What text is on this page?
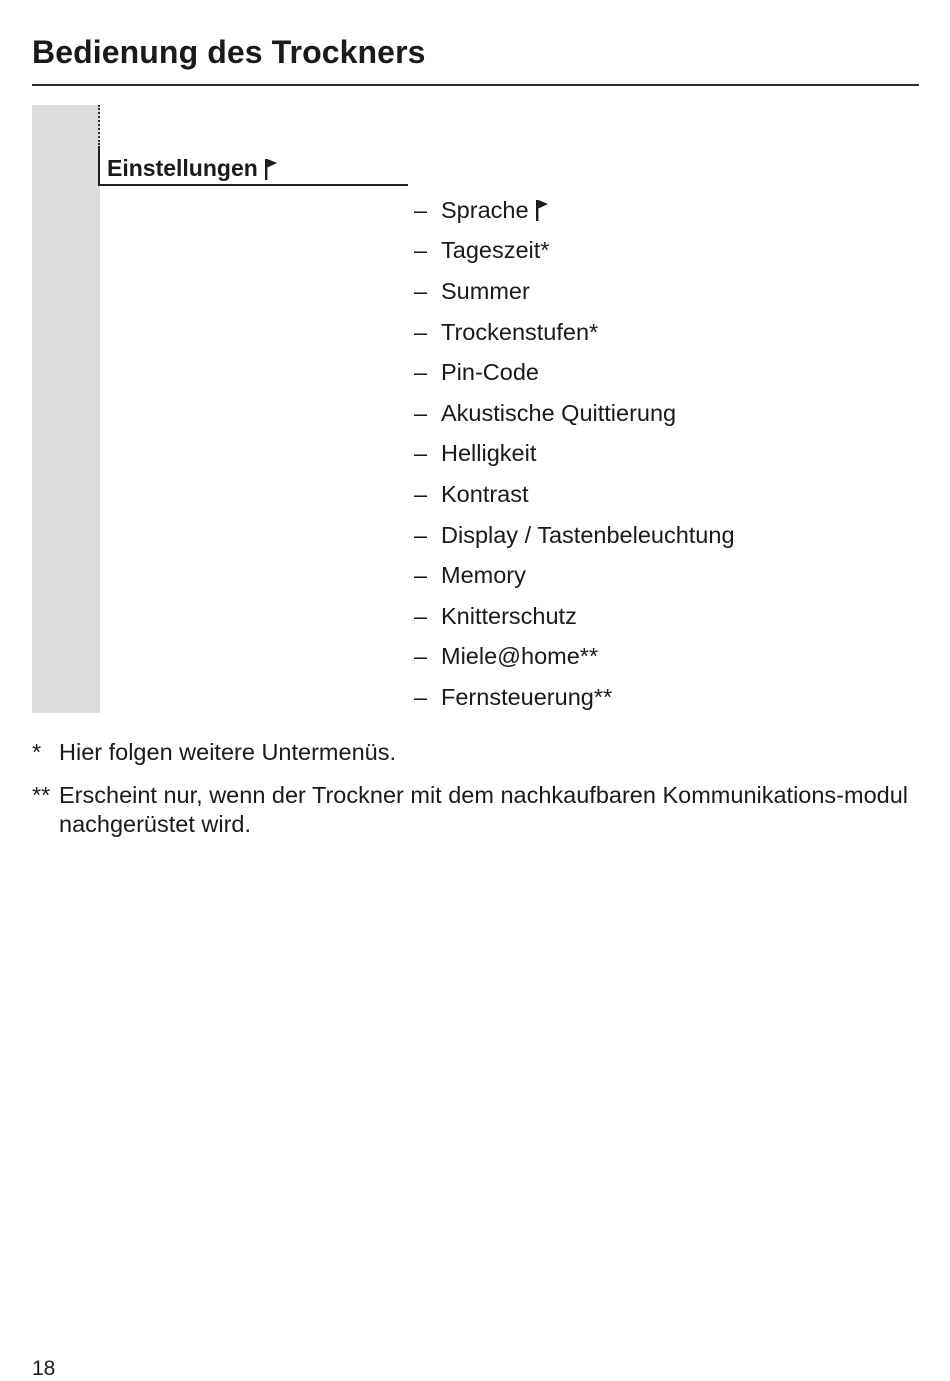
Bedienung des Trockners
Einstellungen
– Sprache
– Tageszeit*
– Summer
– Trockenstufen*
– Pin-Code
– Akustische Quittierung
– Helligkeit
– Kontrast
– Display / Tastenbeleuchtung
– Memory
– Knitterschutz
– Miele@home**
– Fernsteuerung**
* Hier folgen weitere Untermenüs.
** Erscheint nur, wenn der Trockner mit dem nachkaufbaren Kommunikations-modul nachgerüstet wird.
18
